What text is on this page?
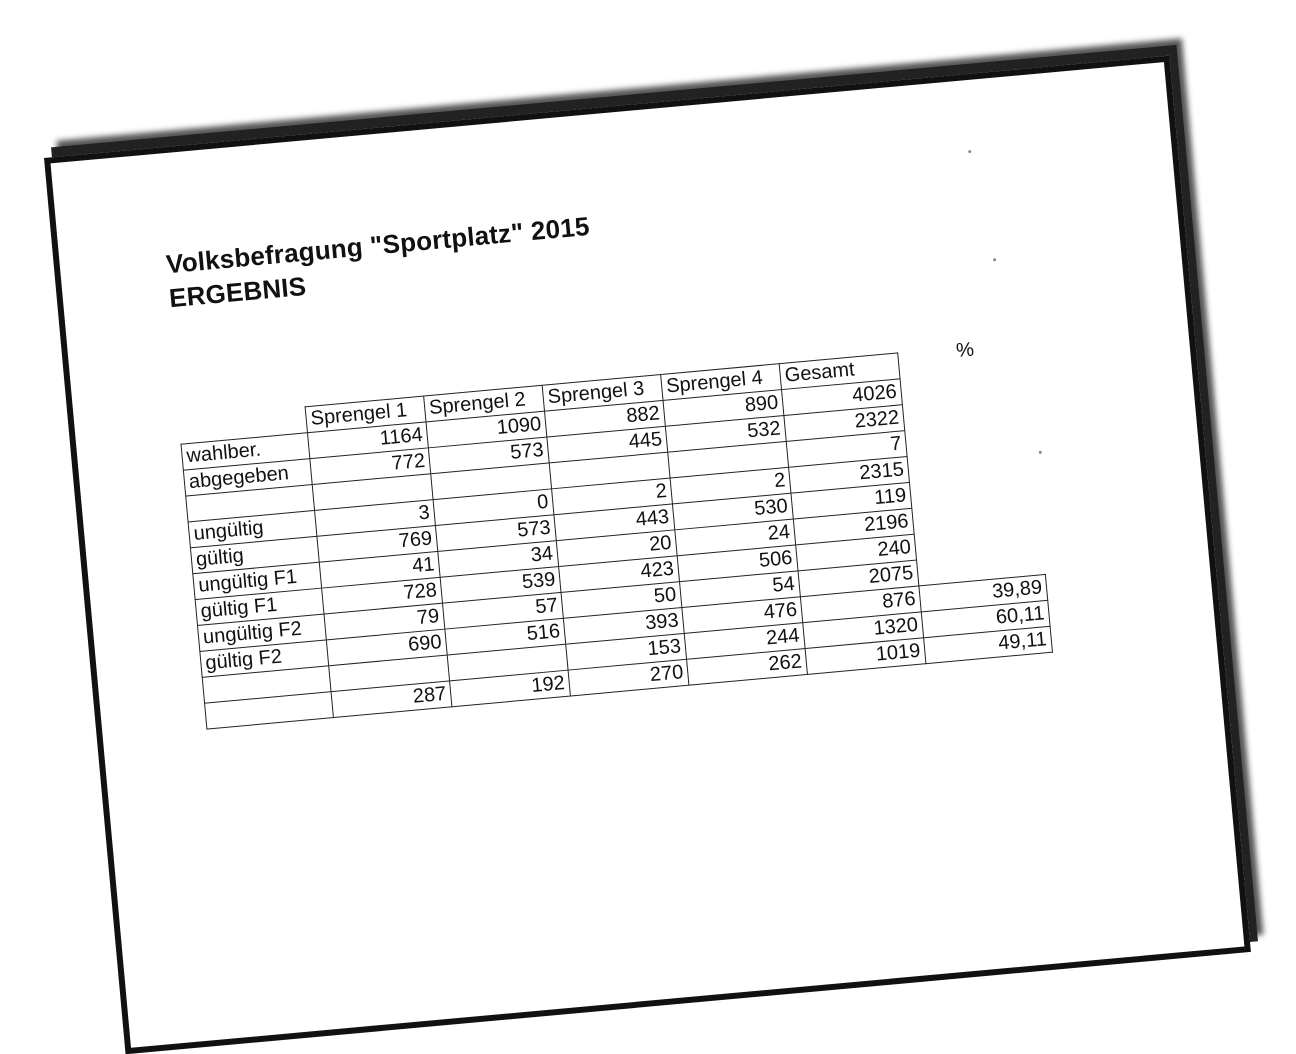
Volksbefragung "Sportplatz" 2015
ERGEBNIS
%
	Sprengel 1	Sprengel 2	Sprengel 3	Sprengel 4	Gesamt	
wahlber.	1164	1090	882	890	4026	
abgegeben	772	573	445	532	2322	
					7	
ungültig	3	0	2	2	2315	
gültig	769	573	443	530	119	
ungültig F1	41	34	20	24	2196	
gültig F1	728	539	423	506	240	
ungültig F2	79	57	50	54	2075	
gültig F2	690	516	393	476	876	39,89
			153	244	1320	60,11
	287	192	270	262	1019	49,11
